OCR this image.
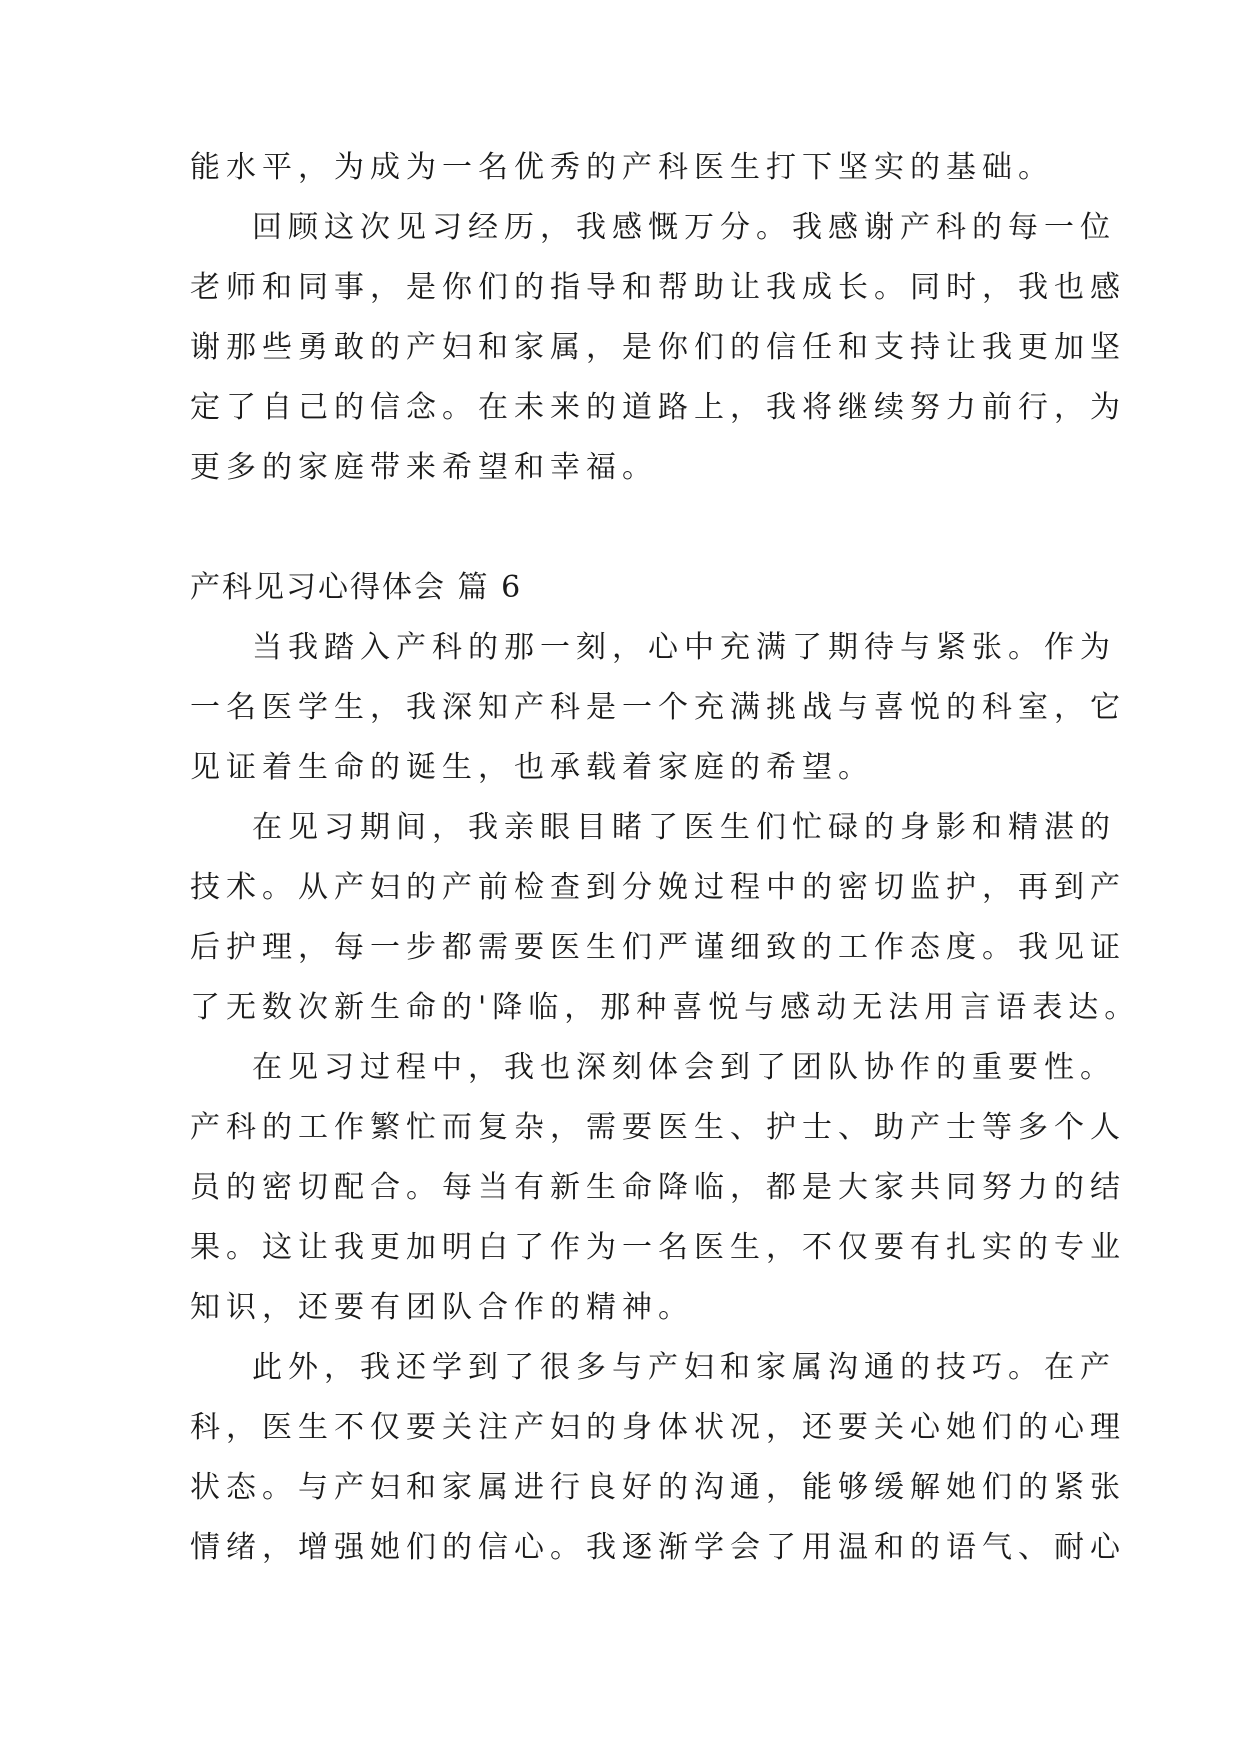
能水平，为成为一名优秀的产科医生打下坚实的基础。

回顾这次见习经历，我感慨万分。我感谢产科的每一位

老师和同事，是你们的指导和帮助让我成长。同时，我也感

谢那些勇敢的产妇和家属，是你们的信任和支持让我更加坚

定了自己的信念。在未来的道路上，我将继续努力前行，为

更多的家庭带来希望和幸福。

产科见习心得体会 篇 6

当我踏入产科的那一刻，心中充满了期待与紧张。作为

一名医学生，我深知产科是一个充满挑战与喜悦的科室，它

见证着生命的诞生，也承载着家庭的希望。

在见习期间，我亲眼目睹了医生们忙碌的身影和精湛的

技术。从产妇的产前检查到分娩过程中的密切监护，再到产

后护理，每一步都需要医生们严谨细致的工作态度。我见证

了无数次新生命的'降临，那种喜悦与感动无法用言语表达。

在见习过程中，我也深刻体会到了团队协作的重要性。

产科的工作繁忙而复杂，需要医生、护士、助产士等多个人

员的密切配合。每当有新生命降临，都是大家共同努力的结

果。这让我更加明白了作为一名医生，不仅要有扎实的专业

知识，还要有团队合作的精神。

此外，我还学到了很多与产妇和家属沟通的技巧。在产

科，医生不仅要关注产妇的身体状况，还要关心她们的心理

状态。与产妇和家属进行良好的沟通，能够缓解她们的紧张

情绪，增强她们的信心。我逐渐学会了用温和的语气、耐心
